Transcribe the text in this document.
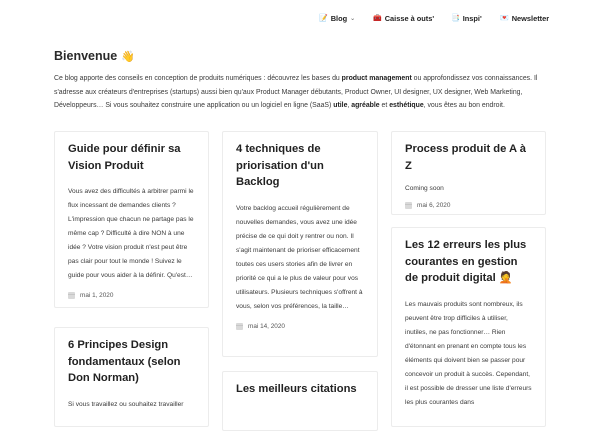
📝 Blog ⌄	🧰 Caisse à outs' 📑 Inspi'	💌 Newsletter
Bienvenue 👋

Ce blog apporte des conseils en conception de produits numériques : découvrez les bases du product management ou approfondissez vos connaissances. Il s'adresse aux créateurs d'entreprises (startups) aussi bien qu'aux Product Manager débutants, Product Owner, UI designer, UX designer, Web Marketing, Développeurs… Si vous souhaitez construire une application ou un logiciel en ligne (SaaS) utile, agréable et esthétique, vous êtes au bon endroit.

Guide pour définir sa Vision Produit

Vous avez des difficultés à arbitrer parmi le flux incessant de demandes clients ? L'impression que chacun ne partage pas le même cap ? Difficulté à dire NON à une idée ? Votre vision produit n'est peut être pas clair pour tout le monde ! Suivez le guide pour vous aider à la définir. Qu'est…

mai 1, 2020
4 techniques de priorisation d'un Backlog

Votre backlog accueil régulièrement de nouvelles demandes, vous avez une idée précise de ce qui doit y rentrer ou non. Il s'agit maintenant de prioriser efficacement toutes ces users stories afin de livrer en priorité ce qui a le plus de valeur pour vos utilisateurs. Plusieurs techniques s'offrent à vous, selon vos préférences, la taille…

mai 14, 2020
Process produit de A à Z

Coming soon

mai 6, 2020
Les 12 erreurs les plus courantes en gestion de produit digital 🤦

Les mauvais produits sont nombreux, ils peuvent être trop difficiles à utiliser, inutiles, ne pas fonctionner… Rien d'étonnant en prenant en compte tous les éléments qui doivent bien se passer pour concevoir un produit à succès. Cependant, il est possible de dresser une liste d'erreurs les plus courantes dans

6 Principes Design fondamentaux (selon Don Norman)

Si vous travaillez ou souhaitez travailler

Les meilleurs citations
